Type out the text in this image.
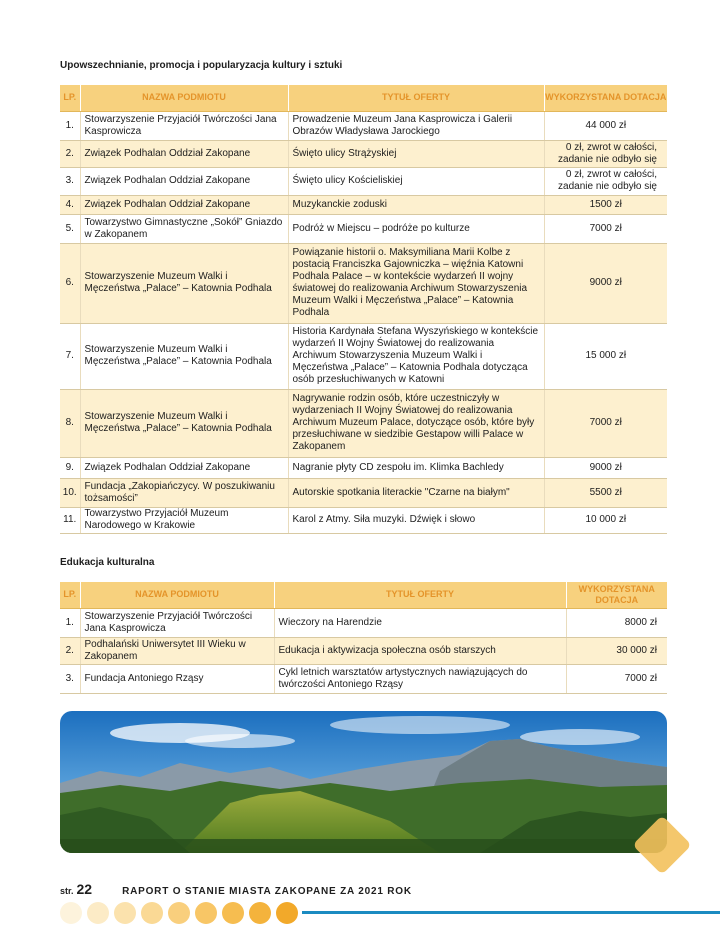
Upowszechnianie, promocja i popularyzacja kultury i sztuki
LP.	NAZWA PODMIOTU	TYTUŁ OFERTY	WYKORZYSTANA DOTACJA
1.	Stowarzyszenie Przyjaciół Twórczości Jana Kasprowicza	Prowadzenie Muzeum Jana Kasprowicza i Galerii Obrazów Władysława Jarockiego	44 000 zł
2.	Związek Podhalan Oddział Zakopane	Święto ulicy Strążyskiej	0 zł, zwrot w całości, zadanie nie odbyło się
3.	Związek Podhalan Oddział Zakopane	Święto ulicy Kościeliskiej	0 zł, zwrot w całości, zadanie nie odbyło się
4.	Związek Podhalan Oddział Zakopane	Muzykanckie zoduski	1500 zł
5.	Towarzystwo Gimnastyczne „Sokół” Gniazdo w Zakopanem	Podróż w Miejscu – podróże po kulturze	7000 zł
6.	Stowarzyszenie Muzeum Walki i Męczeństwa „Palace” – Katownia Podhala	Powiązanie historii o. Maksymiliana Marii Kolbe z postacią Franciszka Gajowniczka – więźnia Katowni Podhala Palace – w kontekście wydarzeń II wojny światowej do realizowania Archiwum Stowarzyszenia Muzeum Walki i Męczeństwa „Palace” – Katownia Podhala	9000 zł
7.	Stowarzyszenie Muzeum Walki i Męczeństwa „Palace” – Katownia Podhala	Historia Kardynała Stefana Wyszyńskiego w kontekście wydarzeń II Wojny Światowej do realizowania Archiwum Stowarzyszenia Muzeum Walki i Męczeństwa „Palace” – Katownia Podhala dotycząca osób przesłuchiwanych w Katowni	15 000 zł
8.	Stowarzyszenie Muzeum Walki i Męczeństwa „Palace” – Katownia Podhala	Nagrywanie rodzin osób, które uczestniczyły w wydarzeniach II Wojny Światowej do realizowania Archiwum Muzeum Palace, dotyczące osób, które były przesłuchiwane w siedzibie Gestapow willi Palace w Zakopanem	7000 zł
9.	Związek Podhalan Oddział Zakopane	Nagranie płyty CD zespołu im. Klimka Bachledy	9000 zł
10.	Fundacja „Zakopiańczycy. W poszukiwaniu tożsamości”	Autorskie spotkania literackie "Czarne na białym"	5500 zł
11.	Towarzystwo Przyjaciół Muzeum Narodowego w Krakowie	Karol z Atmy. Siła muzyki. Dźwięk i słowo	10 000 zł
Edukacja kulturalna
LP.	NAZWA PODMIOTU	TYTUŁ OFERTY	WYKORZYSTANA DOTACJA
1.	Stowarzyszenie Przyjaciół Twórczości Jana Kasprowicza	Wieczory na Harendzie	8000 zł
2.	Podhalański Uniwersytet III Wieku w Zakopanem	Edukacja i aktywizacja społeczna osób starszych	30 000 zł
3.	Fundacja Antoniego Rząsy	Cykl letnich warsztatów artystycznych nawiązujących do twórczości Antoniego Rząsy	7000 zł
str. 22	RAPORT O STANIE MIASTA ZAKOPANE ZA 2021 ROK
